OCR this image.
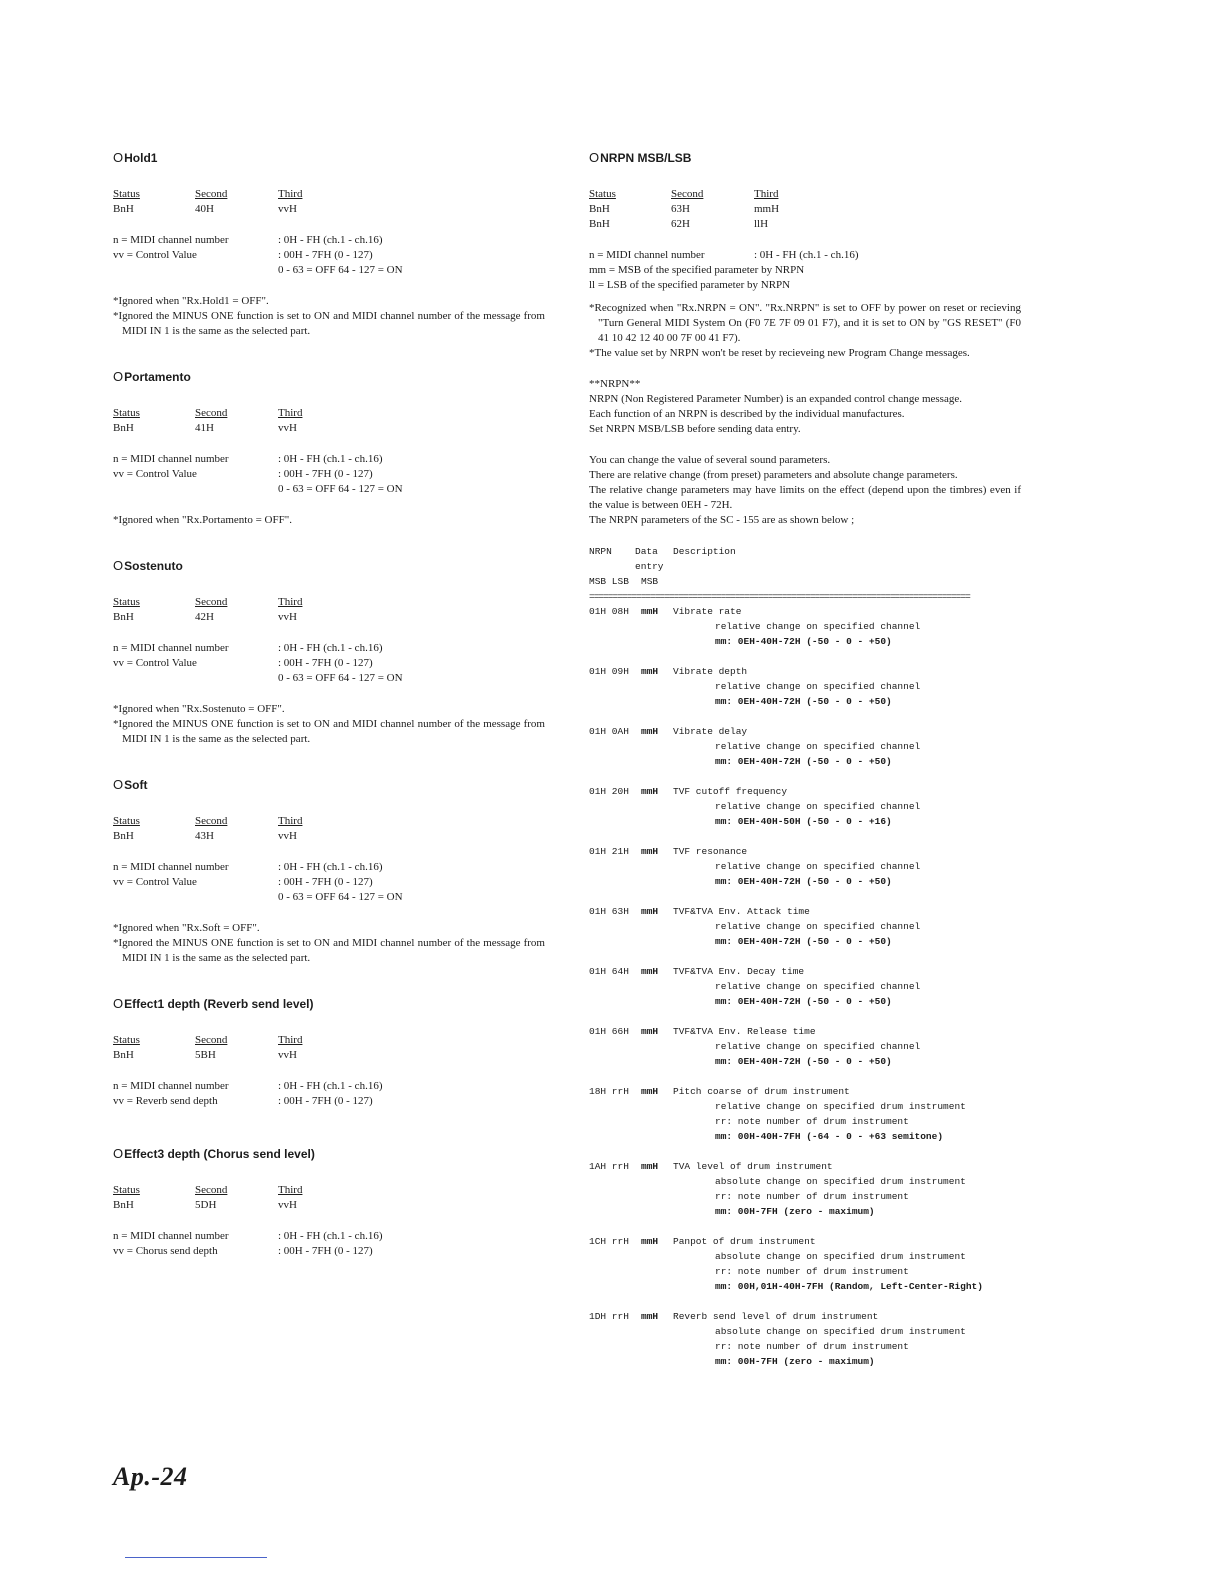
OHold1
Status	Second	Third
BnH	40H	vvH
n = MIDI channel number	: 0H - FH (ch.1 - ch.16)
vv = Control Value	: 00H - 7FH (0 - 127)
0 - 63 = OFF 64 - 127 = ON
*Ignored when "Rx.Hold1 = OFF".
*Ignored the MINUS ONE function is set to ON and MIDI channel number of the message from MIDI IN 1 is the same as the selected part.
OPortamento
Status	Second	Third
BnH	41H	vvH
n = MIDI channel number	: 0H - FH (ch.1 - ch.16)
vv = Control Value	: 00H - 7FH (0 - 127)
0 - 63 = OFF 64 - 127 = ON
*Ignored when "Rx.Portamento = OFF".
OSostenuto
Status	Second	Third
BnH	42H	vvH
n = MIDI channel number	: 0H - FH (ch.1 - ch.16)
vv = Control Value	: 00H - 7FH (0 - 127)
0 - 63 = OFF 64 - 127 = ON
*Ignored when "Rx.Sostenuto = OFF".
*Ignored the MINUS ONE function is set to ON and MIDI channel number of the message from MIDI IN 1 is the same as the selected part.
OSoft
Status	Second	Third
BnH	43H	vvH
n = MIDI channel number	: 0H - FH (ch.1 - ch.16)
vv = Control Value	: 00H - 7FH (0 - 127)
0 - 63 = OFF 64 - 127 = ON
*Ignored when "Rx.Soft = OFF".
*Ignored the MINUS ONE function is set to ON and MIDI channel number of the message from MIDI IN 1 is the same as the selected part.
OEffect1 depth (Reverb send level)
Status	Second	Third
BnH	5BH	vvH
n = MIDI channel number	: 0H - FH (ch.1 - ch.16)
vv = Reverb send depth	: 00H - 7FH (0 - 127)
OEffect3 depth (Chorus send level)
Status	Second	Third
BnH	5DH	vvH
n = MIDI channel number	: 0H - FH (ch.1 - ch.16)
vv = Chorus send depth	: 00H - 7FH (0 - 127)
ONRPN MSB/LSB
Status	Second	Third
BnH	63H	mmH
BnH	62H	llH
n = MIDI channel number	: 0H - FH (ch.1 - ch.16)
mm = MSB of the specified parameter by NRPN
ll = LSB of the specified parameter by NRPN
*Recognized when "Rx.NRPN = ON". "Rx.NRPN" is set to OFF by power on reset or recieving "Turn General MIDI System On (F0 7E 7F 09 01 F7), and it is set to ON by "GS RESET" (F0 41 10 42 12 40 00 7F 00 41 F7).
*The value set by NRPN won't be reset by recieveing new Program Change messages.
**NRPN**
NRPN (Non Registered Parameter Number) is an expanded control change message.
Each function of an NRPN is described by the individual manufactures.
Set NRPN MSB/LSB before sending data entry.
You can change the value of several sound parameters.
There are relative change (from preset) parameters and absolute change parameters.
The relative change parameters may have limits on the effect (depend upon the timbres) even if the value is between 0EH - 72H.
The NRPN parameters of the SC - 155 are as shown below ;
NRPN Data Description
entry
MSB LSB MSB
=================================================================================
01H 08H mmH Vibrate rate
relative change on specified channel
mm: 0EH-40H-72H (-50 - 0 - +50)
01H 09H mmH Vibrate depth
relative change on specified channel
mm: 0EH-40H-72H (-50 - 0 - +50)
01H 0AH mmH Vibrate delay
relative change on specified channel
mm: 0EH-40H-72H (-50 - 0 - +50)
01H 20H mmH TVF cutoff frequency
relative change on specified channel
mm: 0EH-40H-50H (-50 - 0 - +16)
01H 21H mmH TVF resonance
relative change on specified channel
mm: 0EH-40H-72H (-50 - 0 - +50)
01H 63H mmH TVF&TVA Env. Attack time
relative change on specified channel
mm: 0EH-40H-72H (-50 - 0 - +50)
01H 64H mmH TVF&TVA Env. Decay time
relative change on specified channel
mm: 0EH-40H-72H (-50 - 0 - +50)
01H 66H mmH TVF&TVA Env. Release time
relative change on specified channel
mm: 0EH-40H-72H (-50 - 0 - +50)
18H rrH mmH Pitch coarse of drum instrument
relative change on specified drum instrument
rr: note number of drum instrument
mm: 00H-40H-7FH (-64 - 0 - +63 semitone)
1AH rrH mmH TVA level of drum instrument
absolute change on specified drum instrument
rr: note number of drum instrument
mm: 00H-7FH (zero - maximum)
1CH rrH mmH Panpot of drum instrument
absolute change on specified drum instrument
rr: note number of drum instrument
mm: 00H,01H-40H-7FH (Random, Left-Center-Right)
1DH rrH mmH Reverb send level of drum instrument
absolute change on specified drum instrument
rr: note number of drum instrument
mm: 00H-7FH (zero - maximum)
Ap.-24
